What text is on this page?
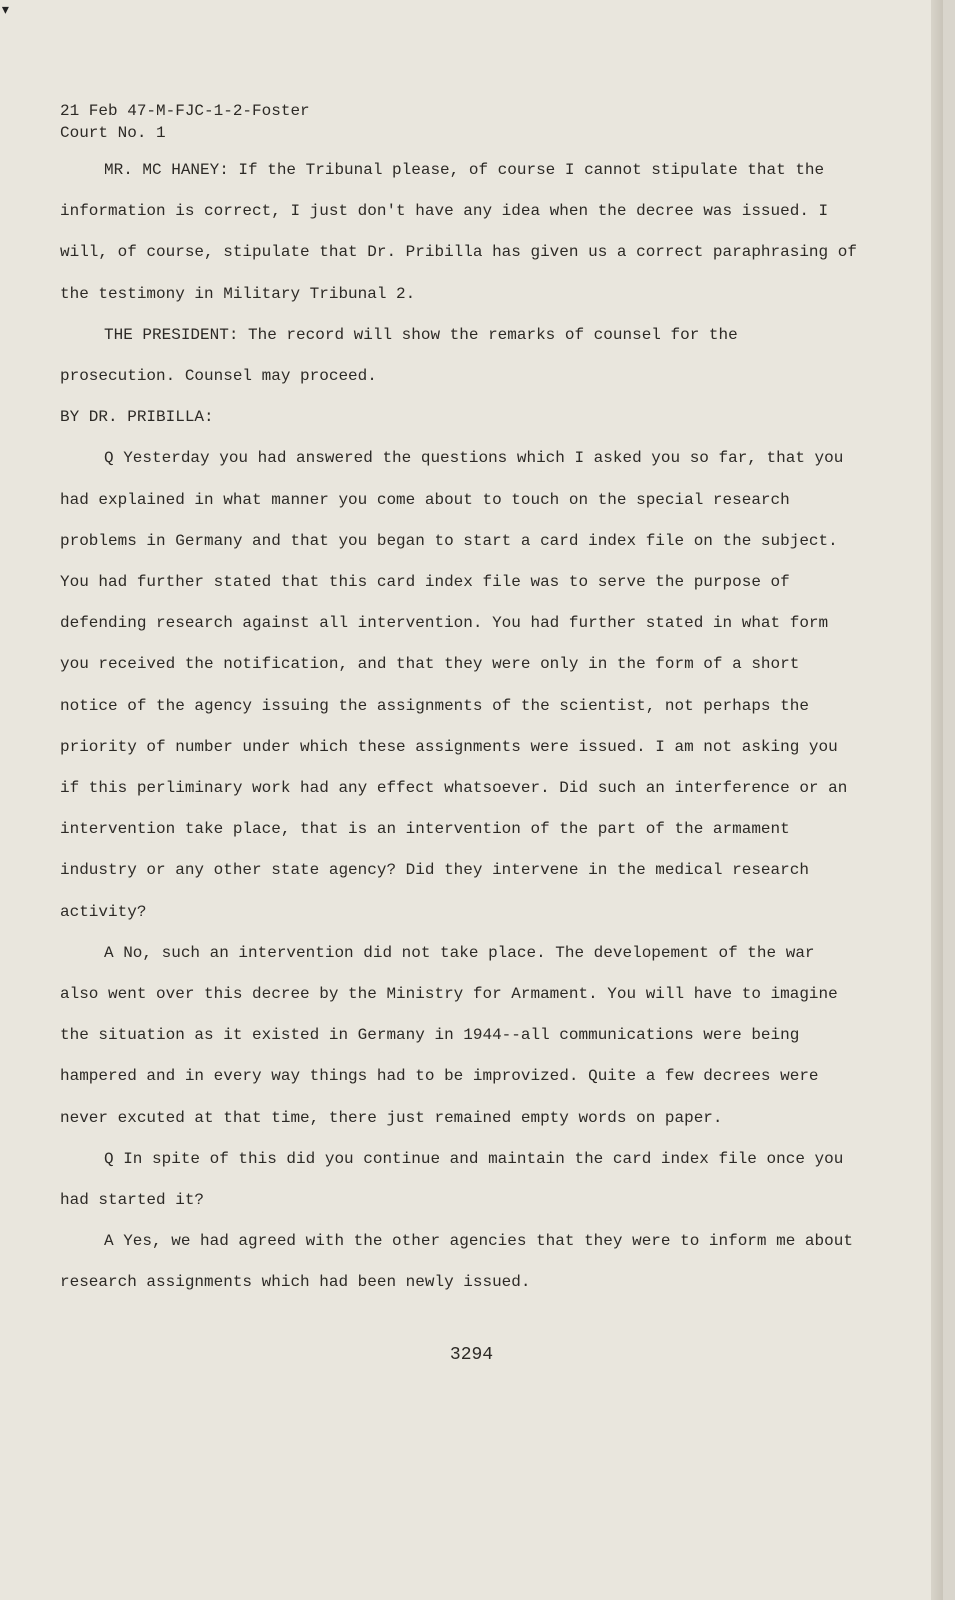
▾
21 Feb 47-M-FJC-1-2-Foster
Court No. 1

MR. MC HANEY: If the Tribunal please, of course I cannot stipulate that the information is correct, I just don't have any idea when the decree was issued. I will, of course, stipulate that Dr. Pribilla has given us a correct paraphrasing of the testimony in Military Tribunal 2.

THE PRESIDENT: The record will show the remarks of counsel for the prosecution. Counsel may proceed.

BY DR. PRIBILLA:

Q Yesterday you had answered the questions which I asked you so far, that you had explained in what manner you come about to touch on the special research problems in Germany and that you began to start a card index file on the subject. You had further stated that this card index file was to serve the purpose of defending research against all intervention. You had further stated in what form you received the notification, and that they were only in the form of a short notice of the agency issuing the assignments of the scientist, not perhaps the priority of number under which these assignments were issued. I am not asking you if this perliminary work had any effect whatsoever. Did such an interference or an intervention take place, that is an intervention of the part of the armament industry or any other state agency? Did they intervene in the medical research activity?

A No, such an intervention did not take place. The developement of the war also went over this decree by the Ministry for Armament. You will have to imagine the situation as it existed in Germany in 1944--all communications were being hampered and in every way things had to be improvized. Quite a few decrees were never excuted at that time, there just remained empty words on paper.

Q In spite of this did you continue and maintain the card index file once you had started it?

A Yes, we had agreed with the other agencies that they were to inform me about research assignments which had been newly issued.

3294
